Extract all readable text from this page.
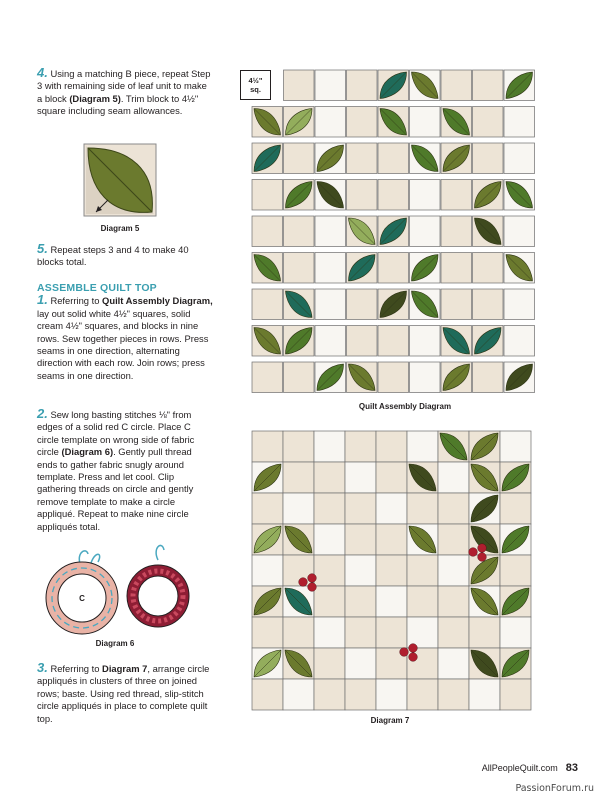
4. Using a matching B piece, repeat Step 3 with remaining side of leaf unit to make a block (Diagram 5). Trim block to 4½" square including seam allowances.

Diagram 5

5. Repeat steps 3 and 4 to make 40 blocks total.

ASSEMBLE QUILT TOP

1. Referring to Quilt Assembly Diagram, lay out solid white 4½" squares, solid cream 4½" squares, and blocks in nine rows. Sew together pieces in rows. Press seams in one direction, alternating direction with each row. Join rows; press seams in one direction.

2. Sew long basting stitches ⅛" from edges of a solid red C circle. Place C circle template on wrong side of fabric circle (Diagram 6). Gently pull thread ends to gather fabric snugly around template. Press and let cool. Clip gathering threads on circle and gently remove template to make a circle appliqué. Repeat to make nine circle appliqués total.

C
Diagram 6

3. Referring to Diagram 7, arrange circle appliqués in clusters of three on joined rows; baste. Using red thread, slip-stitch circle appliqués in place to complete quilt top.

4½"
sq.
Quilt Assembly Diagram
Diagram 7
AllPeopleQuilt.com 83
PassionForum.ru
